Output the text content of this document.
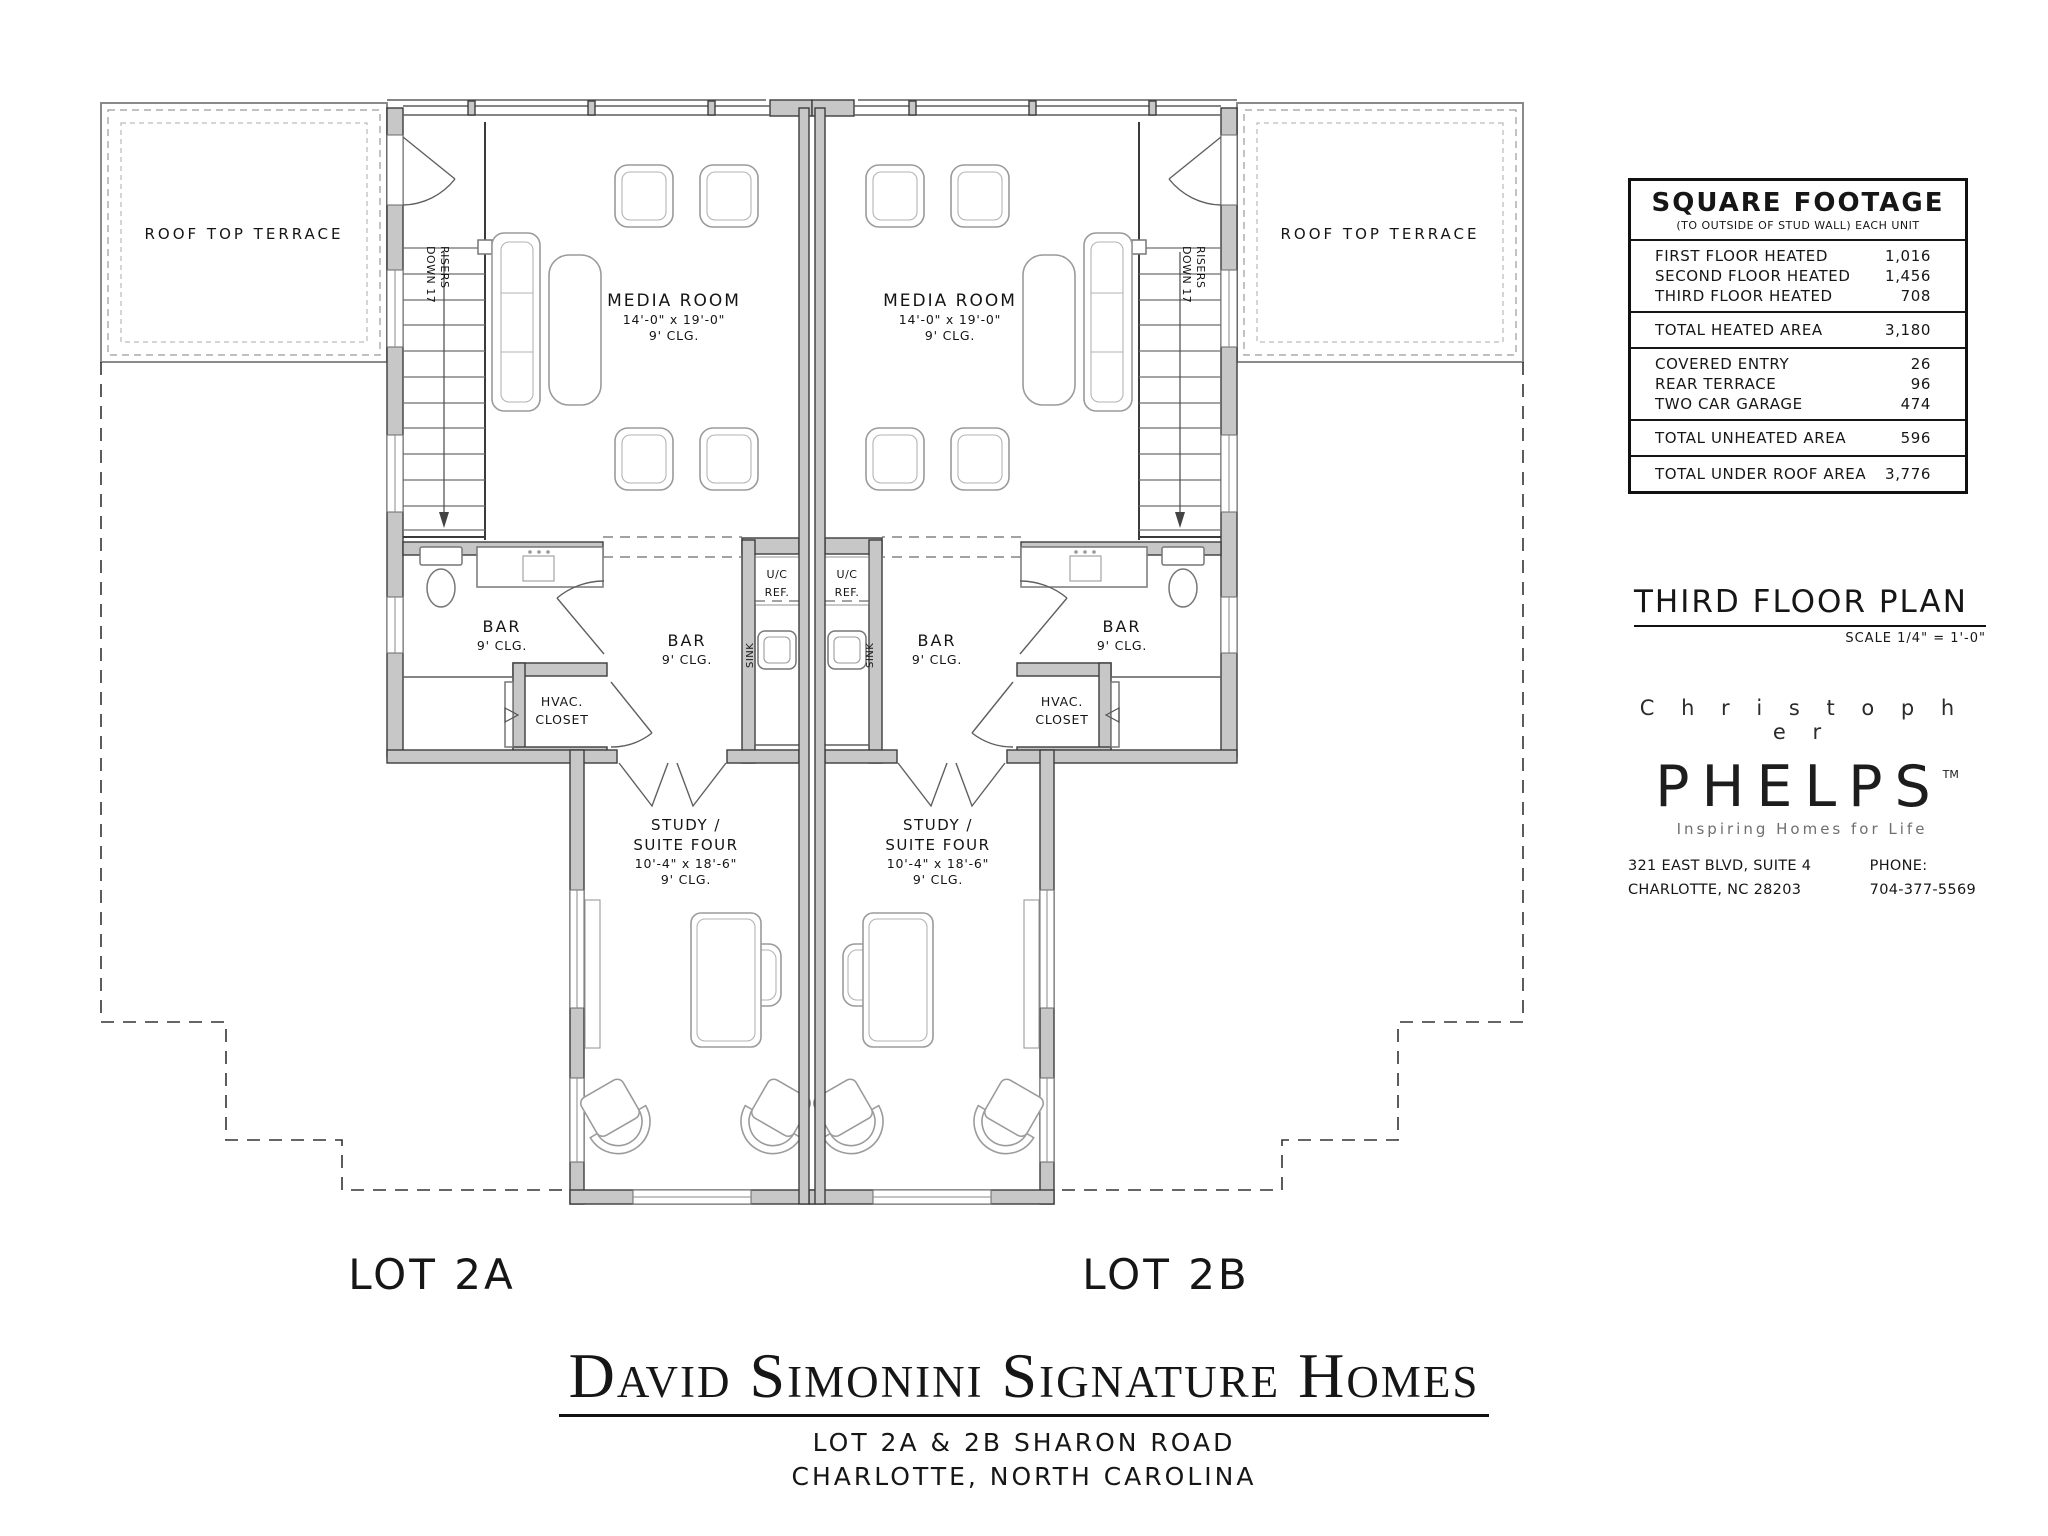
ROOF TOP TERRACE
MEDIA ROOM
14'-0" x 19'-0"
9' CLG.
DOWN 17 RISERS
BAR
9' CLG.	BAR
9' CLG.
HVAC.
CLOSET
U/C
REF.
SINK
STUDY /
SUITE FOUR
10'-4" x 18'-6"
9' CLG.
ROOF TOP TERRACE
MEDIA ROOM
14'-0" x 19'-0"
9' CLG.
DOWN 17 RISERS
BAR
9' CLG.
BAR
9' CLG.
HVAC.
CLOSET
U/C
REF.
SINK
STUDY /
SUITE FOUR
10'-4" x 18'-6"
9' CLG.
SQUARE FOOTAGE
(TO OUTSIDE OF STUD WALL) EACH UNIT
FIRST FLOOR HEATED	1,016
SECOND FLOOR HEATED 1,456
THIRD FLOOR HEATED	708
TOTAL HEATED AREA	3,180
COVERED ENTRY	26
REAR TERRACE	96
TWO CAR GARAGE	474
TOTAL UNHEATED AREA	596
TOTAL UNDER ROOF AREA 3,776
THIRD FLOOR PLAN
SCALE 1/4" = 1'-0"
C h r i s t o p h e r
PHELPS™
Inspiring Homes for Life
321 EAST BLVD, SUITE 4
CHARLOTTE, NC 28203
PHONE:
704-377-5569
LOT 2A	LOT 2B
David Simonini Signature Homes
LOT 2A & 2B SHARON ROAD
CHARLOTTE, NORTH CAROLINA
